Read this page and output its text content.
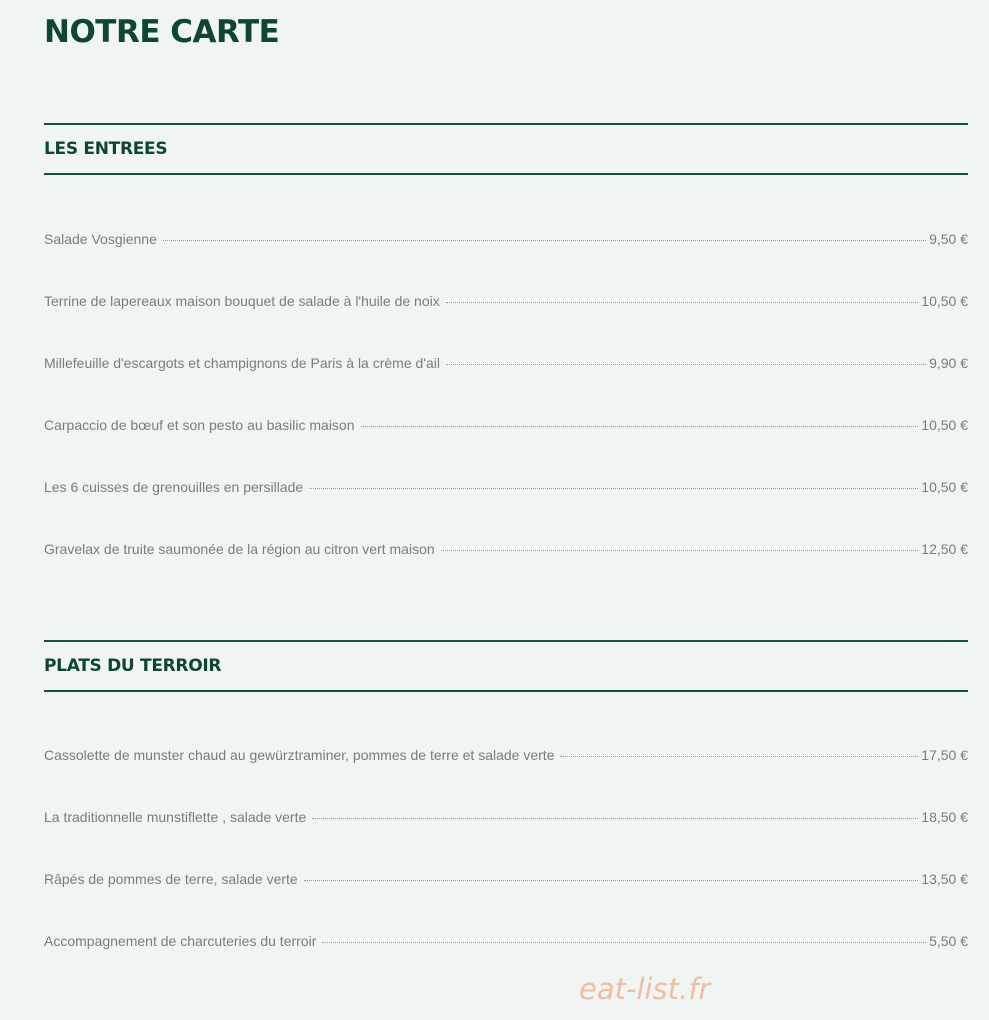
NOTRE CARTE
LES ENTREES
Salade Vosgienne	9,50 €
Terrine de lapereaux maison bouquet de salade à l'huile de noix	10,50 €
Millefeuille d'escargots et champignons de Paris à la crème d'ail	9,90 €
Carpaccio de bœuf et son pesto au basilic maison	10,50 €
Les 6 cuisses de grenouilles en persillade	10,50 €
Gravelax de truite saumonée de la région au citron vert maison	12,50 €
PLATS DU TERROIR
Cassolette de munster chaud au gewürztraminer, pommes de terre et salade verte	17,50 €
La traditionnelle munstiflette , salade verte	18,50 €
Râpés de pommes de terre, salade verte	13,50 €
Accompagnement de charcuteries du terroir	5,50 €
eat-list.fr
